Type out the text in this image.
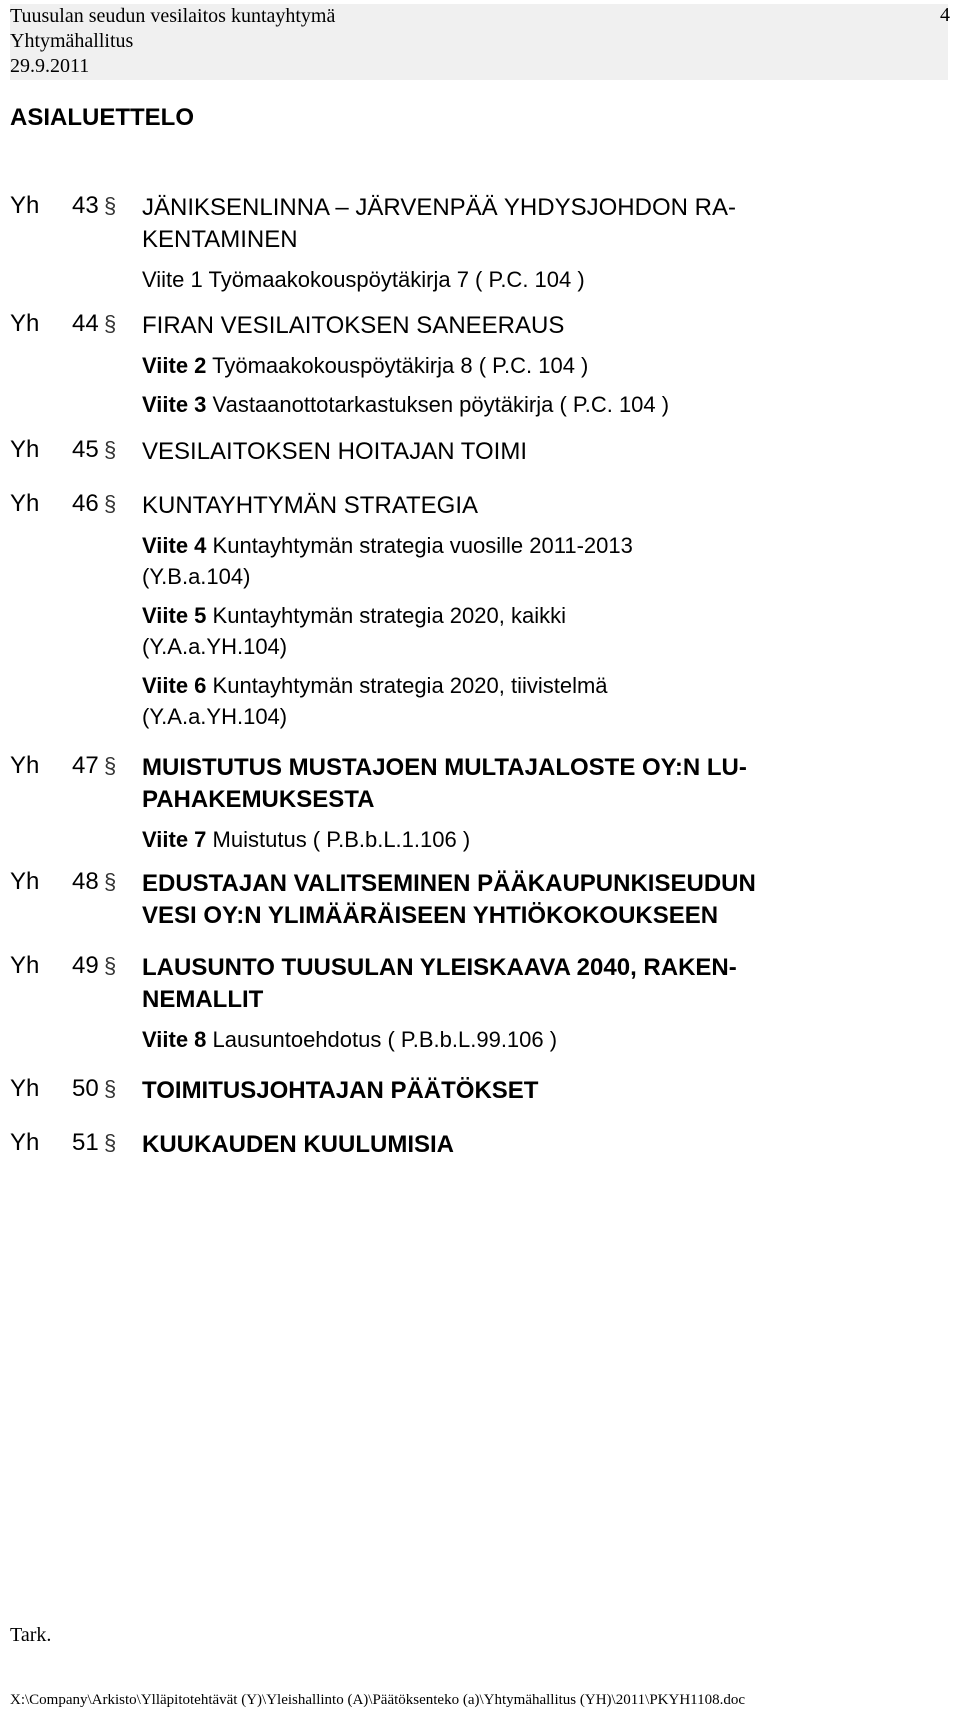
Tuusulan seudun vesilaitos kuntayhtymä
Yhtymähallitus
29.9.2011
4
ASIALUETTELO
Yh 43 § JÄNIKSENLINNA – JÄRVENPÄÄ YHDYSJOHDON RA-
KENTAMINEN
Viite 1 Työmaakokouspöytäkirja 7 ( P.C. 104 )
Yh 44 § FIRAN VESILAITOKSEN SANEERAUS
Viite 2 Työmaakokouspöytäkirja 8 ( P.C. 104 )
Viite 3 Vastaanottotarkastuksen pöytäkirja ( P.C. 104 )
Yh 45 § VESILAITOKSEN HOITAJAN TOIMI
Yh 46 § KUNTAYHTYMÄN STRATEGIA
Viite 4 Kuntayhtymän strategia vuosille 2011-2013
(Y.B.a.104)
Viite 5 Kuntayhtymän strategia 2020, kaikki
(Y.A.a.YH.104)
Viite 6 Kuntayhtymän strategia 2020, tiivistelmä
(Y.A.a.YH.104)
Yh 47 § MUISTUTUS MUSTAJOEN MULTAJALOSTE OY:N LU-
PAHAKEMUKSESTA
Viite 7 Muistutus ( P.B.b.L.1.106 )
Yh 48 § EDUSTAJAN VALITSEMINEN PÄÄKAUPUNKISEUDUN
VESI OY:N YLIMÄÄRÄISEEN YHTIÖKOKOUKSEEN
Yh 49 § LAUSUNTO TUUSULAN YLEISKAAVA 2040, RAKEN-
NEMALLIT
Viite 8 Lausuntoehdotus ( P.B.b.L.99.106 )
Yh 50 § TOIMITUSJOHTAJAN PÄÄTÖKSET
Yh 51 § KUUKAUDEN KUULUMISIA
Tark.
X:\Company\Arkisto\Ylläpitotehtävät (Y)\Yleishallinto (A)\Päätöksenteko (a)\Yhtymähallitus (YH)\2011\PKYH1108.doc
